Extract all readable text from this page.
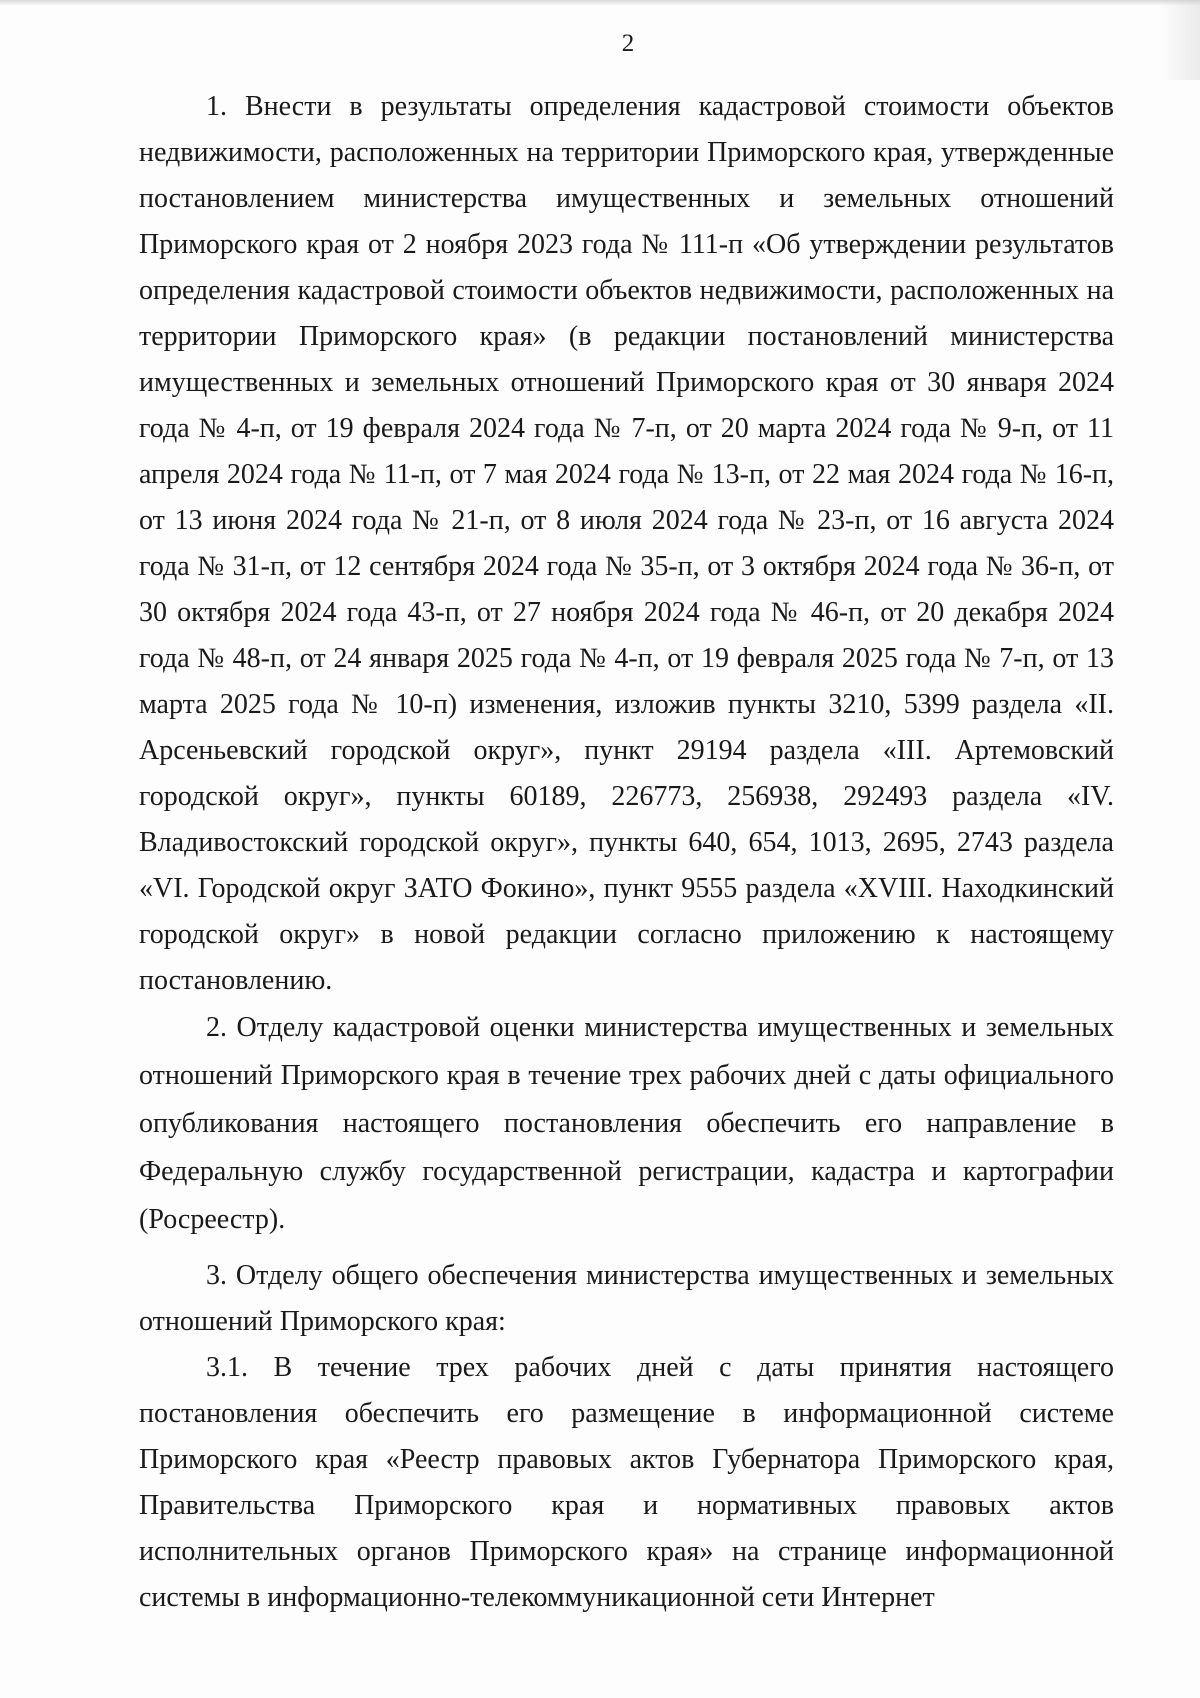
2

1. Внести в результаты определения кадастровой стоимости объектов недвижимости, расположенных на территории Приморского края, утвержденные постановлением министерства имущественных и земельных отношений Приморского края от 2 ноября 2023 года № 111-п «Об утверждении результатов определения кадастровой стоимости объектов недвижимости, расположенных на территории Приморского края» (в редакции постановлений министерства имущественных и земельных отношений Приморского края от 30 января 2024 года № 4-п, от 19 февраля 2024 года № 7-п, от 20 марта 2024 года № 9-п, от 11 апреля 2024 года № 11-п, от 7 мая 2024 года № 13-п, от 22 мая 2024 года № 16-п, от 13 июня 2024 года № 21-п, от 8 июля 2024 года № 23-п, от 16 августа 2024 года № 31-п, от 12 сентября 2024 года № 35-п, от 3 октября 2024 года № 36-п, от 30 октября 2024 года 43-п, от 27 ноября 2024 года № 46-п, от 20 декабря 2024 года № 48-п, от 24 января 2025 года № 4-п, от 19 февраля 2025 года № 7-п, от 13 марта 2025 года № 10-п) изменения, изложив пункты 3210, 5399 раздела «II. Арсеньевский городской округ», пункт 29194 раздела «III. Артемовский городской округ», пункты 60189, 226773, 256938, 292493 раздела «IV. Владивостокский городской округ», пункты 640, 654, 1013, 2695, 2743 раздела «VI. Городской округ ЗАТО Фокино», пункт 9555 раздела «XVIII. Находкинский городской округ» в новой редакции согласно приложению к настоящему постановлению.

2. Отделу кадастровой оценки министерства имущественных и земельных отношений Приморского края в течение трех рабочих дней с даты официального опубликования настоящего постановления обеспечить его направление в Федеральную службу государственной регистрации, кадастра и картографии (Росреестр).

3. Отделу общего обеспечения министерства имущественных и земельных отношений Приморского края:

3.1. В течение трех рабочих дней с даты принятия настоящего постановления обеспечить его размещение в информационной системе Приморского края «Реестр правовых актов Губернатора Приморского края, Правительства Приморского края и нормативных правовых актов исполнительных органов Приморского края» на странице информационной системы в информационно-телекоммуникационной сети Интернет
